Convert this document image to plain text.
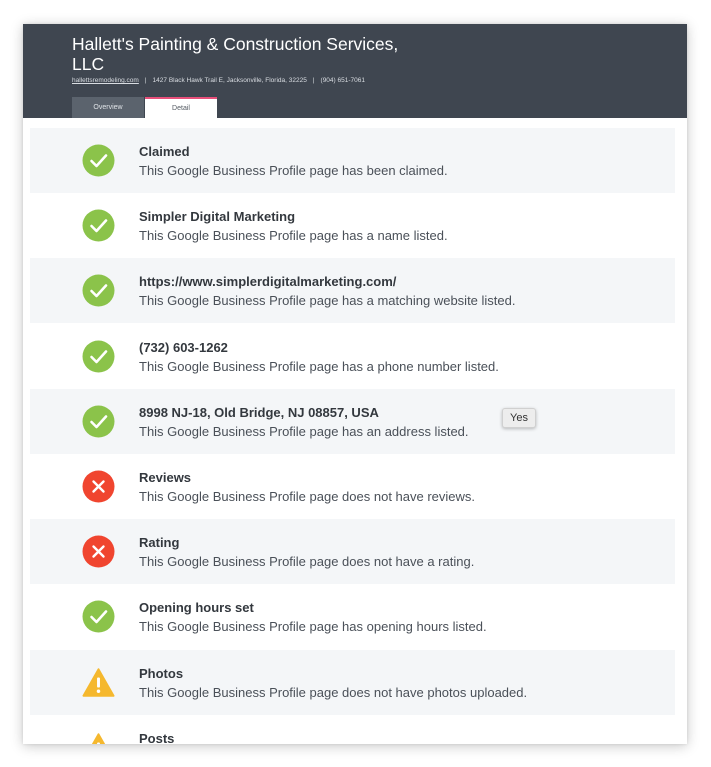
Hallett's Painting & Construction Services, LLC
hallettsremodeling.com | 1427 Black Hawk Trail E, Jacksonville, Florida, 32225 | (904) 651-7061
Overview	Detail
Claimed
This Google Business Profile page has been claimed.
Simpler Digital Marketing
This Google Business Profile page has a name listed.
https://www.simplerdigitalmarketing.com/
This Google Business Profile page has a matching website listed.
(732) 603-1262
This Google Business Profile page has a phone number listed.
8998 NJ-18, Old Bridge, NJ 08857, USA
This Google Business Profile page has an address listed.
Reviews
This Google Business Profile page does not have reviews.
Rating
This Google Business Profile page does not have a rating.
Opening hours set
This Google Business Profile page has opening hours listed.
Photos
This Google Business Profile page does not have photos uploaded.
Posts
Yes
